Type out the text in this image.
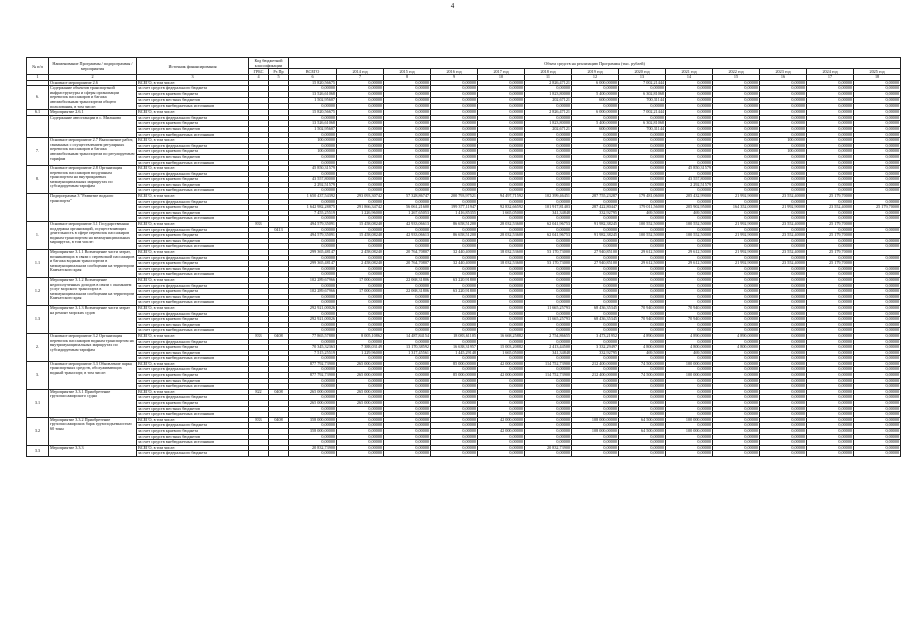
4
№ п/п	Наименование Программы / подпрограммы / мероприятия	Источник финансирования	Код бюджетной классификации		Объем средств на реализацию Программы (тыс. рублей)												
			ГРБС	Рз Пр	ВСЕГО	2014 год	2015 год	2016 год	2017 год	2018 год	2019 год	2020 год	2021 год	2022 год	2023 год	2024 год	2025 год

1	2	3	4	5	6	7	8	9	10	11	12	13	14	15	16	17	18
	Основное мероприятие 2.6	ВСЕГО, в том числе:			15 820,56675	0,00000	0,00000	0,00000	0,00000	2 826,47121	6 000,00000	7 002,21444	0,00000	0,00000	0,00000	0,00000	0,00000
6.	Содержание объектов транспортной инфраструктуры и сферы организации перевозок пассажиров и багажа автомобильным транспортом общего пользования, в том числе:	за счет средств федерального бюджета			0,00000	0,00000	0,00000	0,00000	0,00000	0,00000	0,00000	0,00000	0,00000	0,00000	0,00000	0,00000	0,00000
		за счет средств краевого бюджета			13 526,61068	0,00000	0,00000	0,00000	0,00000	1 823,80000	5 400,00000	6 302,81068	0,00000	0,00000	0,00000	0,00000	0,00000
		за счет средств местных бюджетов			1 502,95607	0,00000	0,00000	0,00000	0,00000	202,67121	600,00000	700,31144	0,00000	0,00000	0,00000	0,00000	0,00000
		за счет средств внебюджетных источников			0,00000	0,00000	0,00000	0,00000	0,00000	0,00000	0,00000	0,00000	0,00000	0,00000	0,00000	0,00000	0,00000
6.1	Мероприятие 2.6.1	ВСЕГО, в том числе:			15 820,56675	0,00000	0,00000	0,00000	0,00000	2 826,47121	6 000,00000	7 002,21444	0,00000	0,00000	0,00000	0,00000	0,00000
	Содержание автостанции в с. Мильково	за счет средств федерального бюджета			0,00000	0,00000	0,00000	0,00000	0,00000	0,00000	0,00000	0,00000	0,00000	0,00000	0,00000	0,00000	0,00000
		за счет средств краевого бюджета			13 526,61068	0,00000	0,00000	0,00000	0,00000	1 823,80000	5 400,00000	6 302,81068	0,00000	0,00000	0,00000	0,00000	0,00000
		за счет средств местных бюджетов			1 502,95607	0,00000	0,00000	0,00000	0,00000	202,67121	600,00000	700,31144	0,00000	0,00000	0,00000	0,00000	0,00000
		за счет средств внебюджетных источников			0,00000	0,00000	0,00000	0,00000	0,00000	0,00000	0,00000	0,00000	0,00000	0,00000	0,00000	0,00000	0,00000
7.	Основное мероприятие 2.7 Выполнение работ, связанных с осуществлением регулярных перевозок пассажиров и багажа автомобильным транспортом по регулируемым тарифам	ВСЕГО, в том числе:			100,00000	0,00000	0,00000	0,00000	0,00000	0,00000	0,00000	0,00000	0,00000	0,00000	100,00000	0,00000	0,00000
		за счет средств федерального бюджета			0,00000	0,00000	0,00000	0,00000	0,00000	0,00000	0,00000	0,00000	0,00000	0,00000	0,00000	0,00000	0,00000
		за счет средств краевого бюджета			100,00000	0,00000	0,00000	0,00000	0,00000	0,00000	0,00000	0,00000	0,00000	0,00000	100,00000	0,00000	0,00000
		за счет средств местных бюджетов			0,00000	0,00000	0,00000	0,00000	0,00000	0,00000	0,00000	0,00000	0,00000	0,00000	0,00000	0,00000	0,00000
		за счет средств внебюджетных источников			0,00000	0,00000	0,00000	0,00000	0,00000	0,00000	0,00000	0,00000	0,00000	0,00000	0,00000	0,00000	0,00000
8.	Основное мероприятие 2.8 Организация перевозок пассажиров воздушным транспортом на внутрикраевых межмуниципальных маршрутах по субсидируемым тарифам	ВСЕГО, в том числе:			45 850,31579	0,00000	0,00000	0,00000	0,00000	0,00000	0,00000	0,00000	45 850,31579	0,00000	0,00000	0,00000	0,00000
		за счет средств федерального бюджета			0,00000	0,00000	0,00000	0,00000	0,00000	0,00000	0,00000	0,00000	0,00000	0,00000	0,00000	0,00000	0,00000
		за счет средств краевого бюджета			43 557,80000	0,00000	0,00000	0,00000	0,00000	0,00000	0,00000	0,00000	43 557,80000	0,00000	0,00000	0,00000	0,00000
		за счет средств местных бюджетов			2 292,51579	0,00000	0,00000	0,00000	0,00000	0,00000	0,00000	0,00000	2 292,51579	0,00000	0,00000	0,00000	0,00000
		за счет средств внебюджетных источников			0,00000	0,00000	0,00000	0,00000	0,00000	0,00000	0,00000	0,00000	0,00000	0,00000	0,00000	0,00000	0,00000
	Подпрограмма 3 "Развитие водного транспорта"	ВСЕГО, в том числе:			1 650 437,54392	293 093,30742	57 328,86747	200 793,97521	94 497,71592	102 399,46451	287 755,23287	179 481,06000	205 432,99000	21 992,90000	23 552,40000	25 179,70000	
		за счет средств федерального бюджета			0,00000	0,00000	0,00000	0,00000	0,00000	0,00000	0,00000	0,00000	0,00000	0,00000	0,00000	0,00000	0,00000
		за счет средств краевого бюджета			1 642 982,28875	291 866,34742	56 061,21600	199 377,11947	92 832,66592	101 917,81403	287 422,80447	179 011,56000	205 902,95000	164 352,00000	21 992,90000	23 552,40000	25 179,70000
		за счет средств местных бюджетов			7 455,25519	1 226,96000	1 267,65053	1 416,85355	1 665,05000	341,34848	332,92795	469,50000	469,50000	0,00000	0,00000	0,00000	0,00000
		за счет средств внебюджетных источников			0,00000	0,00000	0,00000	0,00000	0,00000	0,00000	0,00000	0,00000	0,00000	0,00000	0,00000	0,00000	0,00000
1.	Основное мероприятие 3.1 Государственная поддержка организаций, осуществляющих деятельность в сфере перевозок пассажиров водным транспортом на межмуниципальных маршрутах, в том числе:	ВСЕГО, в том числе:	833		494 579,35091	15 458,08240	42 933,06613	86 658,51200	28 032,53600	62 041,96753	91 982,38245	100 552,50000	100 552,50000	21 992,90000	23 552,40000	25 179,70000	
		за счет средств федерального бюджета		0413	0,00000	0,00000	0,00000	0,00000	0,00000	0,00000	0,00000	0,00000	0,00000	0,00000	0,00000	0,00000	0,00000
		за счет средств краевого бюджета			494 579,35091	15 458,08240	42 933,06613	86 658,51200	28 032,53600	62 041,96753	91 982,38245	100 552,50000	100 552,50000	21 992,90000	23 552,40000	25 179,70000	
		за счет средств местных бюджетов			0,00000	0,00000	0,00000	0,00000	0,00000	0,00000	0,00000	0,00000	0,00000	0,00000	0,00000	0,00000	0,00000
		за счет средств внебюджетных источников			0,00000	0,00000	0,00000	0,00000	0,00000	0,00000	0,00000	0,00000	0,00000	0,00000	0,00000	0,00000	0,00000
1.1	Мероприятие 3.1.1 Возмещение части затрат, возникающих в связи с перевозкой пассажиров и багажа водным транспортом в межмуниципальном сообщении на территории Камчатского края	ВСЕГО, в том числе:			299 365,48147	2 458,08240	20 764,70807	32 440,40000	18 032,53600	53 170,73000	27 940,85100	29 612,50000	29 612,50000	21 992,90000	23 552,40000	25 179,70000	
		за счет средств федерального бюджета			0,00000	0,00000	0,00000	0,00000	0,00000	0,00000	0,00000	0,00000	0,00000	0,00000	0,00000	0,00000	0,00000
		за счет средств краевого бюджета			299 365,48147	2 458,08240	20 764,70807	32 440,40000	18 032,53600	53 170,73000	27 940,85100	29 612,50000	29 612,50000	21 992,90000	23 552,40000	25 179,70000	
		за счет средств местных бюджетов			0,00000	0,00000	0,00000	0,00000	0,00000	0,00000	0,00000	0,00000	0,00000	0,00000	0,00000	0,00000	0,00000
		за счет средств внебюджетных источников			0,00000	0,00000	0,00000	0,00000	0,00000	0,00000	0,00000	0,00000	0,00000	0,00000	0,00000	0,00000	0,00000
1.2	Мероприятие 3.1.2 Возмещение недополученных доходов в связи с оказанием услуг морского транспорта в межмуниципальном сообщении на территории Камчатского края	ВСЕГО, в том числе:			102 289,67966	17 000,00000	22 068,31806	63 220,91800	0,00000	0,00000	0,00000	0,00000	0,00000	0,00000	0,00000	0,00000	0,00000
		за счет средств федерального бюджета			0,00000	0,00000	0,00000	0,00000	0,00000	0,00000	0,00000	0,00000	0,00000	0,00000	0,00000	0,00000	0,00000
		за счет средств краевого бюджета			102 289,67966	17 000,00000	22 068,31806	63 220,91800	0,00000	0,00000	0,00000	0,00000	0,00000	0,00000	0,00000	0,00000	0,00000
		за счет средств местных бюджетов			0,00000	0,00000	0,00000	0,00000	0,00000	0,00000	0,00000	0,00000	0,00000	0,00000	0,00000	0,00000	0,00000
		за счет средств внебюджетных источников			0,00000	0,00000	0,00000	0,00000	0,00000	0,00000	0,00000	0,00000	0,00000	0,00000	0,00000	0,00000	0,00000
1.3	Мероприятие 3.1.3 Возмещение части затрат на ремонт морских судов	ВСЕГО, в том числе:			292 921,00026	0,00000	0,00000	0,00000	0,00000	11 665,25793	68 436,35345	70 940,00000	70 940,00000	0,00000	0,00000	0,00000	0,00000
		за счет средств федерального бюджета			0,00000	0,00000	0,00000	0,00000	0,00000	0,00000	0,00000	0,00000	0,00000	0,00000	0,00000	0,00000	0,00000
		за счет средств краевого бюджета			292 921,00026	0,00000	0,00000	0,00000	0,00000	11 665,25793	68 436,35345	70 940,00000	70 940,00000	0,00000	0,00000	0,00000	0,00000
		за счет средств местных бюджетов			0,00000	0,00000	0,00000	0,00000	0,00000	0,00000	0,00000	0,00000	0,00000	0,00000	0,00000	0,00000	0,00000
		за счет средств внебюджетных источников			0,00000	0,00000	0,00000	0,00000	0,00000	0,00000	0,00000	0,00000	0,00000	0,00000	0,00000	0,00000	0,00000
2.	Основное мероприятие 3.2 Организация перевозок пассажиров водным транспортом на внутримуниципальных маршрутах по субсидируемым тарифам	ВСЕГО, в том числе:	833	0408	77 865,57880	8 005,10862	14 487,84154	18 083,61105	16 668,25882	2 754,86655	3 473,21952	4 890,00000	4 890,00000	4 890,00000	0,00000	0,00000	0,00000
		за счет средств федерального бюджета			0,00000	0,00000	0,00000	0,00000	0,00000	0,00000	0,00000	0,00000	0,00000	0,00000	0,00000	0,00000	0,00000
		за счет средств краевого бюджета			70 345,32363	7 388,03149	13 170,38592	16 638,31957	15 003,20882	2 413,44500	3 332,29497	4 800,00000	4 800,00000	4 800,00000	0,00000	0,00000	0,00000
		за счет средств местных бюджетов			7 515,25519	1 229,96000	1 317,45561	1 445,29148	1 665,05000	341,34848	332,92795	469,50000	469,50000	0,00000	0,00000	0,00000	0,00000
		за счет средств внебюджетных источников			0,00000	0,00000	0,00000	0,00000	0,00000	0,00000	0,00000	0,00000	0,00000	0,00000	0,00000	0,00000	0,00000
3.	Основное мероприятие 3.3 Обновление парка транспортных средств, обслуживающих водный транспорт, в том числе:	ВСЕГО, в том числе:			877 792,73900	265 000,00000	0,00000	85 000,00000	42 000,00000	114 752,73900	212 400,00000	74 500,00000	100 000,00000	0,00000	0,00000	0,00000	0,00000
		за счет средств федерального бюджета			0,00000	0,00000	0,00000	0,00000	0,00000	0,00000	0,00000	0,00000	0,00000	0,00000	0,00000	0,00000	0,00000
		за счет средств краевого бюджета			877 792,73900	265 000,00000	0,00000	85 000,00000	42 000,00000	114 752,73900	212 400,00000	74 500,00000	100 000,00000	0,00000	0,00000	0,00000	0,00000
		за счет средств местных бюджетов			0,00000	0,00000	0,00000	0,00000	0,00000	0,00000	0,00000	0,00000	0,00000	0,00000	0,00000	0,00000	0,00000
		за счет средств внебюджетных источников			0,00000	0,00000	0,00000	0,00000	0,00000	0,00000	0,00000	0,00000	0,00000	0,00000	0,00000	0,00000	0,00000
3.1	Мероприятие 3.3.1 Приобретение грузопассажирского судна	ВСЕГО, в том числе:	822	0408	265 000,00000	265 000,00000	0,00000	0,00000	0,00000	0,00000	0,00000	0,00000	0,00000	0,00000	0,00000	0,00000	0,00000
		за счет средств федерального бюджета			0,00000	0,00000	0,00000	0,00000	0,00000	0,00000	0,00000	0,00000	0,00000	0,00000	0,00000	0,00000	0,00000
		за счет средств краевого бюджета			265 000,00000	265 000,00000	0,00000	0,00000	0,00000	0,00000	0,00000	0,00000	0,00000	0,00000	0,00000	0,00000	0,00000
		за счет средств местных бюджетов			0,00000	0,00000	0,00000	0,00000	0,00000	0,00000	0,00000	0,00000	0,00000	0,00000	0,00000	0,00000	0,00000
		за счет средств внебюджетных источников			0,00000	0,00000	0,00000	0,00000	0,00000	0,00000	0,00000	0,00000	0,00000	0,00000	0,00000	0,00000	0,00000
3.2	Мероприятие 3.3.2 Приобретение грузопассажирских барж грузоподъемностью 60 тонн	ВСЕГО, в том числе:	833	0408	358 000,00000	0,00000	0,00000	0,00000	42 000,00000	0,00000	108 000,00000	64 500,00000	100 000,00000	0,00000	0,00000	0,00000	0,00000
		за счет средств федерального бюджета			0,00000	0,00000	0,00000	0,00000	0,00000	0,00000	0,00000	0,00000	0,00000	0,00000	0,00000	0,00000	0,00000
		за счет средств краевого бюджета			358 000,00000	0,00000	0,00000	0,00000	42 000,00000	0,00000	108 000,00000	64 500,00000	100 000,00000	0,00000	0,00000	0,00000	0,00000
		за счет средств местных бюджетов			0,00000	0,00000	0,00000	0,00000	0,00000	0,00000	0,00000	0,00000	0,00000	0,00000	0,00000	0,00000	0,00000
		за счет средств внебюджетных источников			0,00000	0,00000	0,00000	0,00000	0,00000	0,00000	0,00000	0,00000	0,00000	0,00000	0,00000	0,00000	0,00000
3.3	Мероприятие 3.3.3	ВСЕГО, в том числе:			20 832,73900	0,00000	0,00000	0,00000	0,00000	20 832,73900	0,00000	0,00000	0,00000	0,00000	0,00000	0,00000	0,00000
		за счет средств федерального бюджета			0,00000	0,00000	0,00000	0,00000	0,00000	0,00000	0,00000	0,00000	0,00000	0,00000	0,00000	0,00000	0,00000
